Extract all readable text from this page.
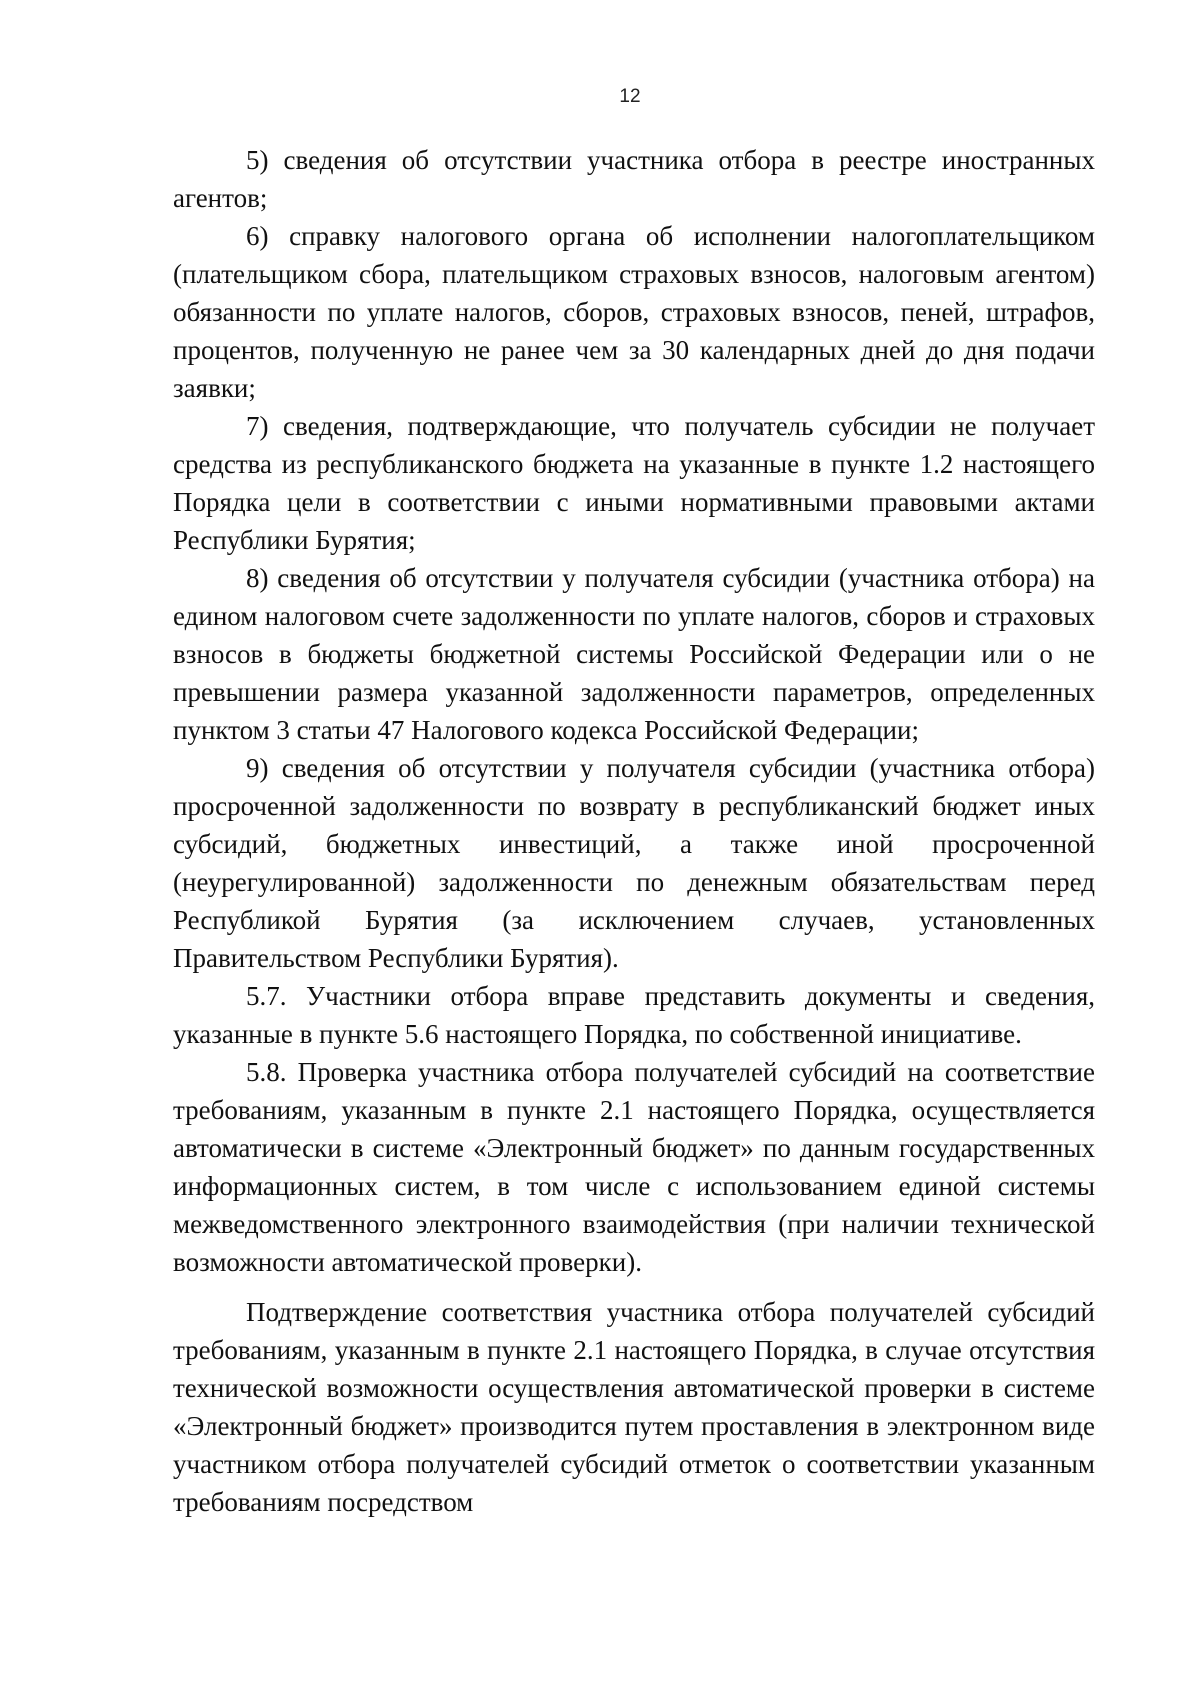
12

5) сведения об отсутствии участника отбора в реестре иностранных агентов;

6) справку налогового органа об исполнении налогоплательщиком (плательщиком сбора, плательщиком страховых взносов, налоговым агентом) обязанности по уплате налогов, сборов, страховых взносов, пеней, штрафов, процентов, полученную не ранее чем за 30 календарных дней до дня подачи заявки;

7) сведения, подтверждающие, что получатель субсидии не получает средства из республиканского бюджета на указанные в пункте 1.2 настоящего Порядка цели в соответствии с иными нормативными правовыми актами Республики Бурятия;

8) сведения об отсутствии у получателя субсидии (участника отбора) на едином налоговом счете задолженности по уплате налогов, сборов и страховых взносов в бюджеты бюджетной системы Российской Федерации или о не превышении размера указанной задолженности параметров, определенных пунктом 3 статьи 47 Налогового кодекса Российской Федерации;

9) сведения об отсутствии у получателя субсидии (участника отбора) просроченной задолженности по возврату в республиканский бюджет иных субсидий, бюджетных инвестиций, а также иной просроченной (неурегулированной) задолженности по денежным обязательствам перед Республикой Бурятия (за исключением случаев, установленных Правительством Республики Бурятия).

5.7. Участники отбора вправе представить документы и сведения, указанные в пункте 5.6 настоящего Порядка, по собственной инициативе.

5.8. Проверка участника отбора получателей субсидий на соответствие требованиям, указанным в пункте 2.1 настоящего Порядка, осуществляется автоматически в системе «Электронный бюджет» по данным государственных информационных систем, в том числе с использованием единой системы межведомственного электронного взаимодействия (при наличии технической возможности автоматической проверки).

Подтверждение соответствия участника отбора получателей субсидий требованиям, указанным в пункте 2.1 настоящего Порядка, в случае отсутствия технической возможности осуществления автоматической проверки в системе «Электронный бюджет» производится путем проставления в электронном виде участником отбора получателей субсидий отметок о соответствии указанным требованиям посредством
